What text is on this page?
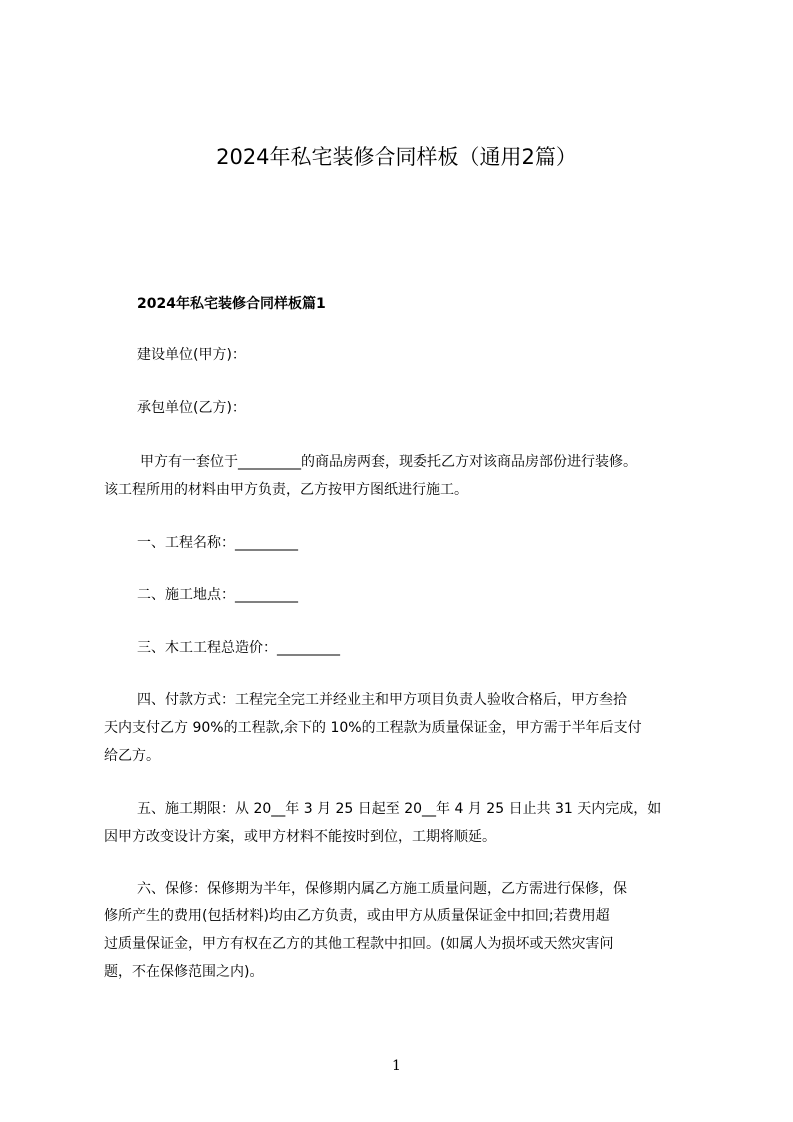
2024年私宅装修合同样板（通用2篇）
2024年私宅装修合同样板篇1
建设单位(甲方)：
承包单位(乙方)：
甲方有一套位于_________的商品房两套，现委托乙方对该商品房部份进行装修。
该工程所用的材料由甲方负责，乙方按甲方图纸进行施工。
一、工程名称：_________
二、施工地点：_________
三、木工工程总造价：_________
四、付款方式：工程完全完工并经业主和甲方项目负责人验收合格后，甲方叁拾
天内支付乙方 90%的工程款,余下的 10%的工程款为质量保证金，甲方需于半年后支付
给乙方。
五、施工期限：从 20__年 3 月 25 日起至 20__年 4 月 25 日止共 31 天内完成，如
因甲方改变设计方案，或甲方材料不能按时到位，工期将顺延。
六、保修：保修期为半年，保修期内属乙方施工质量问题，乙方需进行保修，保
修所产生的费用(包括材料)均由乙方负责，或由甲方从质量保证金中扣回;若费用超
过质量保证金，甲方有权在乙方的其他工程款中扣回。(如属人为损坏或天然灾害问
题，不在保修范围之内)。
1
